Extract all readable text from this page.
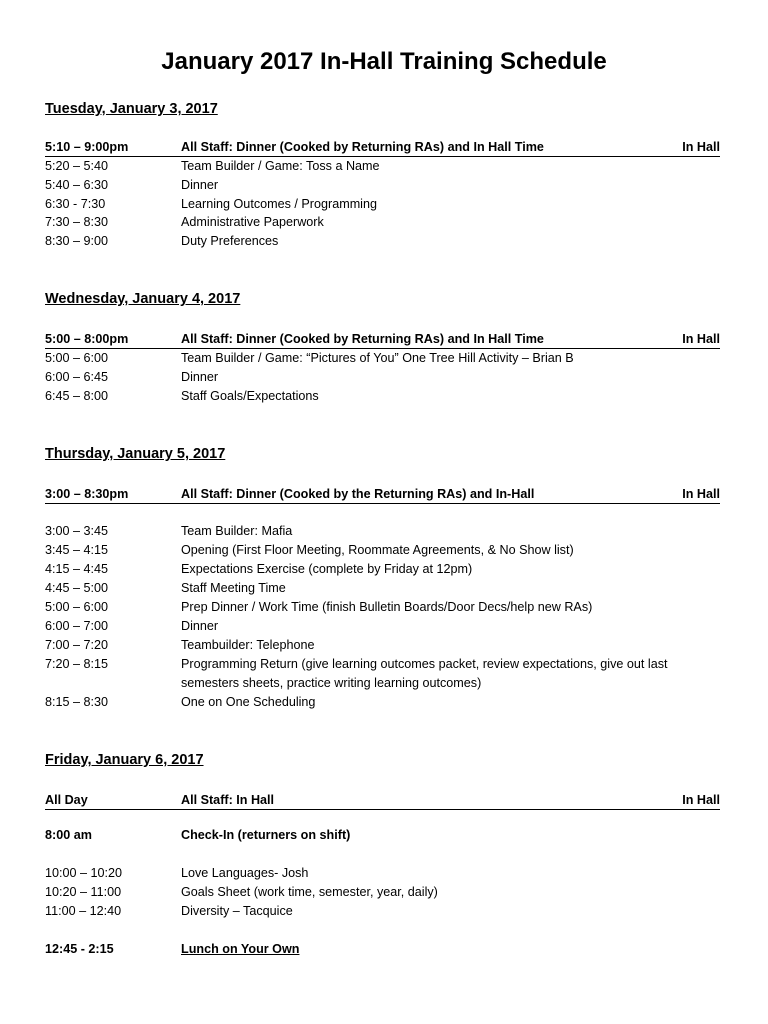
January 2017 In-Hall Training Schedule
Tuesday, January 3, 2017
5:10 – 9:00pm	All Staff: Dinner (Cooked by Returning RAs) and In Hall Time	In Hall
5:20 – 5:40	Team Builder / Game: Toss a Name
5:40 – 6:30	Dinner
6:30 - 7:30	Learning Outcomes / Programming
7:30 – 8:30	Administrative Paperwork
8:30 – 9:00	Duty Preferences
Wednesday, January 4, 2017
5:00 – 8:00pm	All Staff: Dinner (Cooked by Returning RAs) and In Hall Time	In Hall
5:00 – 6:00	Team Builder / Game: “Pictures of You” One Tree Hill Activity – Brian B
6:00 – 6:45	Dinner
6:45 – 8:00	Staff Goals/Expectations
Thursday, January 5, 2017
3:00 – 8:30pm	All Staff: Dinner (Cooked by the Returning RAs) and In-Hall	In Hall
3:00 – 3:45	Team Builder: Mafia
3:45 – 4:15	Opening (First Floor Meeting, Roommate Agreements, & No Show list)
4:15 – 4:45	Expectations Exercise (complete by Friday at 12pm)
4:45 – 5:00	Staff Meeting Time
5:00 – 6:00	Prep Dinner / Work Time (finish Bulletin Boards/Door Decs/help new RAs)
6:00 – 7:00	Dinner
7:00 – 7:20	Teambuilder: Telephone
7:20 – 8:15	Programming Return (give learning outcomes packet, review expectations, give out last
semesters sheets, practice writing learning outcomes)
8:15 – 8:30	One on One Scheduling
Friday, January 6, 2017
All Day	All Staff: In Hall	In Hall
8:00 am	Check-In (returners on shift)
10:00 – 10:20	Love Languages- Josh
10:20 – 11:00	Goals Sheet (work time, semester, year, daily)
11:00 – 12:40	Diversity – Tacquice
12:45 - 2:15	Lunch on Your Own
